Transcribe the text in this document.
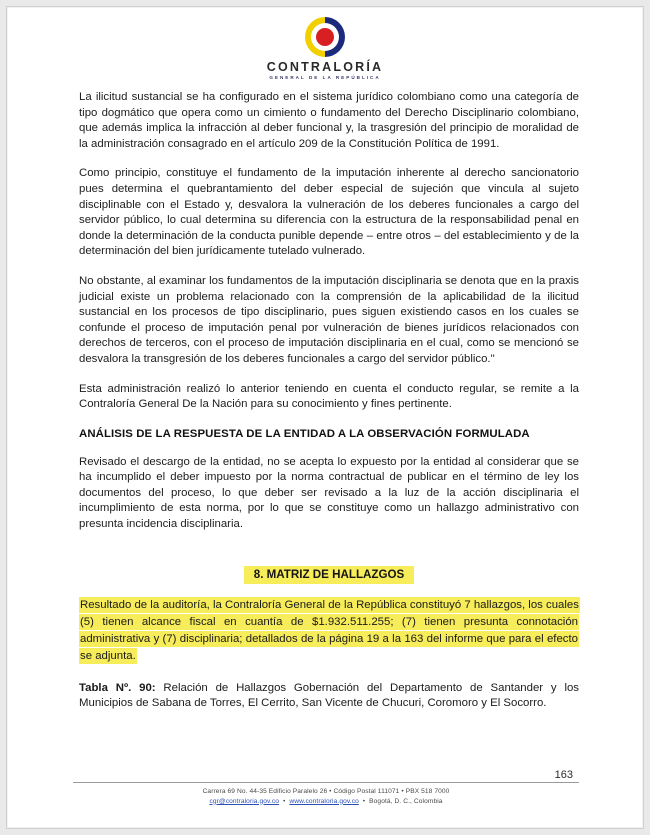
CONTRALORÍA
GENERAL DE LA REPÚBLICA

La ilicitud sustancial se ha configurado en el sistema jurídico colombiano como una categoría de tipo dogmático que opera como un cimiento o fundamento del Derecho Disciplinario colombiano, que además implica la infracción al deber funcional y, la trasgresión del principio de moralidad de la administración consagrado en el artículo 209 de la Constitución Política de 1991.

Como principio, constituye el fundamento de la imputación inherente al derecho sancionatorio pues determina el quebrantamiento del deber especial de sujeción que vincula al sujeto disciplinable con el Estado y, desvalora la vulneración de los deberes funcionales a cargo del servidor público, lo cual determina su diferencia con la estructura de la responsabilidad penal en donde la determinación de la conducta punible depende – entre otros – del establecimiento y de la determinación del bien jurídicamente tutelado vulnerado.

No obstante, al examinar los fundamentos de la imputación disciplinaria se denota que en la praxis judicial existe un problema relacionado con la comprensión de la aplicabilidad de la ilicitud sustancial en los procesos de tipo disciplinario, pues siguen existiendo casos en los cuales se confunde el proceso de imputación penal por vulneración de bienes jurídicos relacionados con derechos de terceros, con el proceso de imputación disciplinaria en el cual, como se mencionó se desvalora la transgresión de los deberes funcionales a cargo del servidor público."

Esta administración realizó lo anterior teniendo en cuenta el conducto regular, se remite a la Contraloría General De la Nación para su conocimiento y fines pertinente.

ANÁLISIS DE LA RESPUESTA DE LA ENTIDAD A LA OBSERVACIÓN FORMULADA

Revisado el descargo de la entidad, no se acepta lo expuesto por la entidad al considerar que se ha incumplido el deber impuesto por la norma contractual de publicar en el término de ley los documentos del proceso, lo que deber ser revisado a la luz de la acción disciplinaria el incumplimiento de esta norma, por lo que se constituye como un hallazgo administrativo con presunta incidencia disciplinaria.

8. MATRIZ DE HALLAZGOS

Resultado de la auditoría, la Contraloría General de la República constituyó 7 hallazgos, los cuales (5) tienen alcance fiscal en cuantía de $1.932.511.255; (7) tienen presunta connotación administrativa y (7) disciplinaria; detallados de la página 19 a la 163 del informe que para el efecto se adjunta.

Tabla Nº. 90: Relación de Hallazgos Gobernación del Departamento de Santander y los Municipios de Sabana de Torres, El Cerrito, San Vicente de Chucuri, Coromoro y El Socorro.

163
Carrera 69 No. 44-35 Edificio Paralelo 26 • Código Postal 111071 • PBX 518 7000
cgr@contraloria.gov.co • www.contraloria.gov.co • Bogotá, D. C., Colombia
